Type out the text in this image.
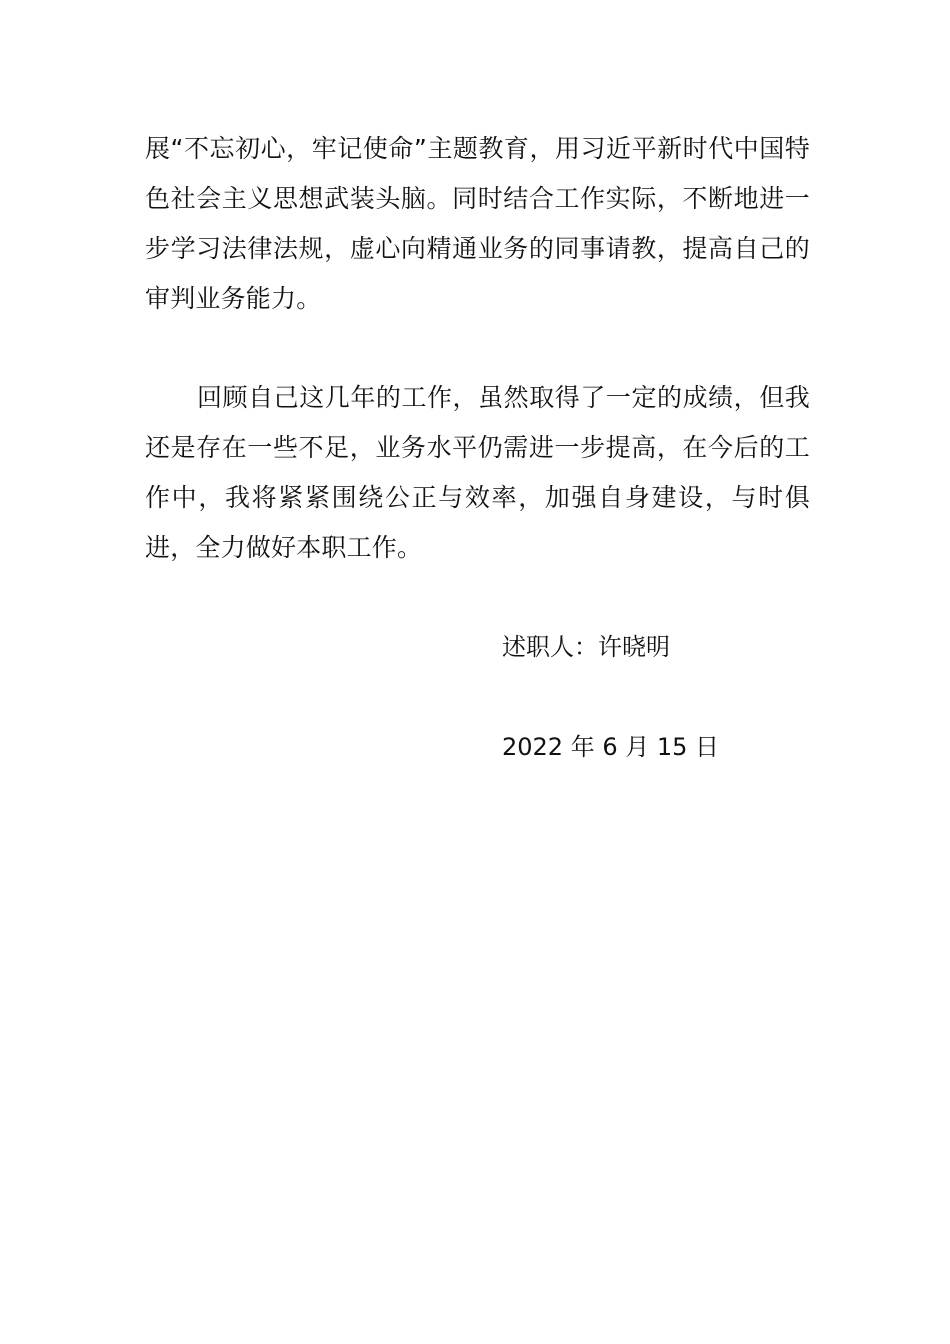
展“不忘初心，牢记使命”主题教育，用习近平新时代中国特色社会主义思想武装头脑。同时结合工作实际，不断地进一步学习法律法规，虚心向精通业务的同事请教，提高自己的审判业务能力。

回顾自己这几年的工作，虽然取得了一定的成绩，但我还是存在一些不足，业务水平仍需进一步提高，在今后的工作中，我将紧紧围绕公正与效率，加强自身建设，与时俱进，全力做好本职工作。

述职人：许晓明

2022 年 6 月 15 日
